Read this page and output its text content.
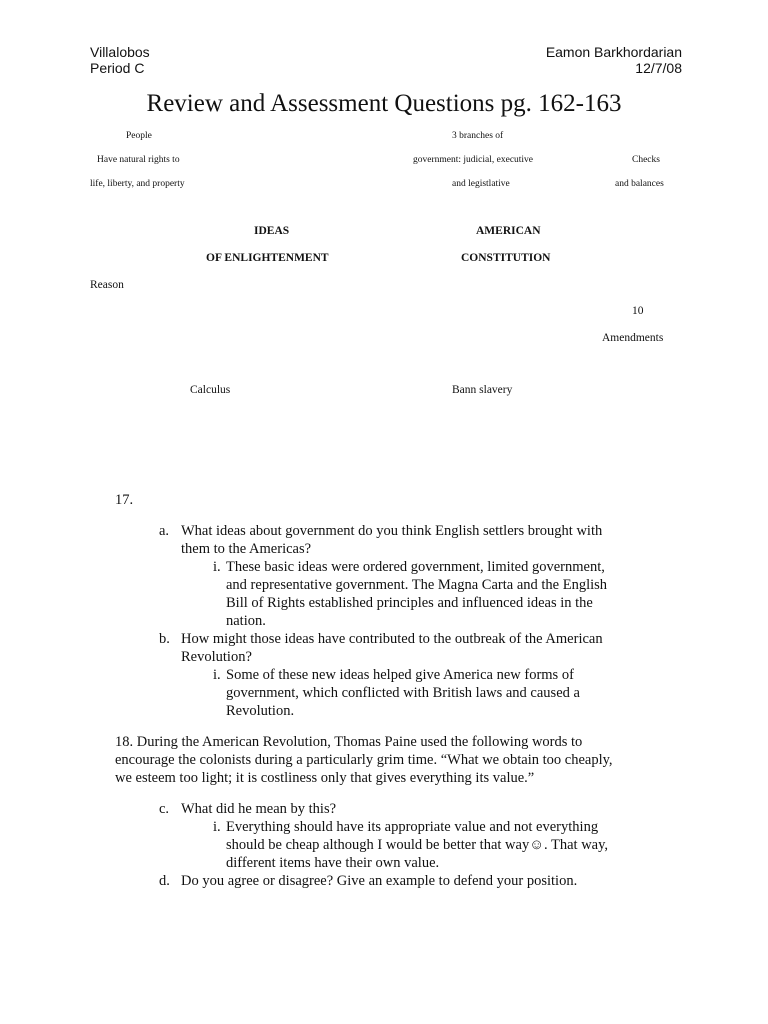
Villalobos
Period C
Eamon Barkhordarian
12/7/08
Review and Assessment Questions pg. 162-163
People
Have natural rights to
life, liberty, and property
3 branches of
government: judicial, executive
and legistlative
Checks
and balances
IDEAS
OF ENLIGHTENMENT
AMERICAN
CONSTITUTION
Reason
10
Amendments
Calculus	Bann slavery
17.
a. What ideas about government do you think English settlers brought with
them to the Americas?
i. These basic ideas were ordered government, limited government,
and representative government. The Magna Carta and the English
Bill of Rights established principles and influenced ideas in the
nation.
b. How might those ideas have contributed to the outbreak of the American
Revolution?
i. Some of these new ideas helped give America new forms of
government, which conflicted with British laws and caused a
Revolution.
18. During the American Revolution, Thomas Paine used the following words to
encourage the colonists during a particularly grim time. “What we obtain too cheaply,
we esteem too light; it is costliness only that gives everything its value.”
c. What did he mean by this?
i. Everything should have its appropriate value and not everything
should be cheap although I would be better that way☺. That way,
different items have their own value.
d. Do you agree or disagree? Give an example to defend your position.
